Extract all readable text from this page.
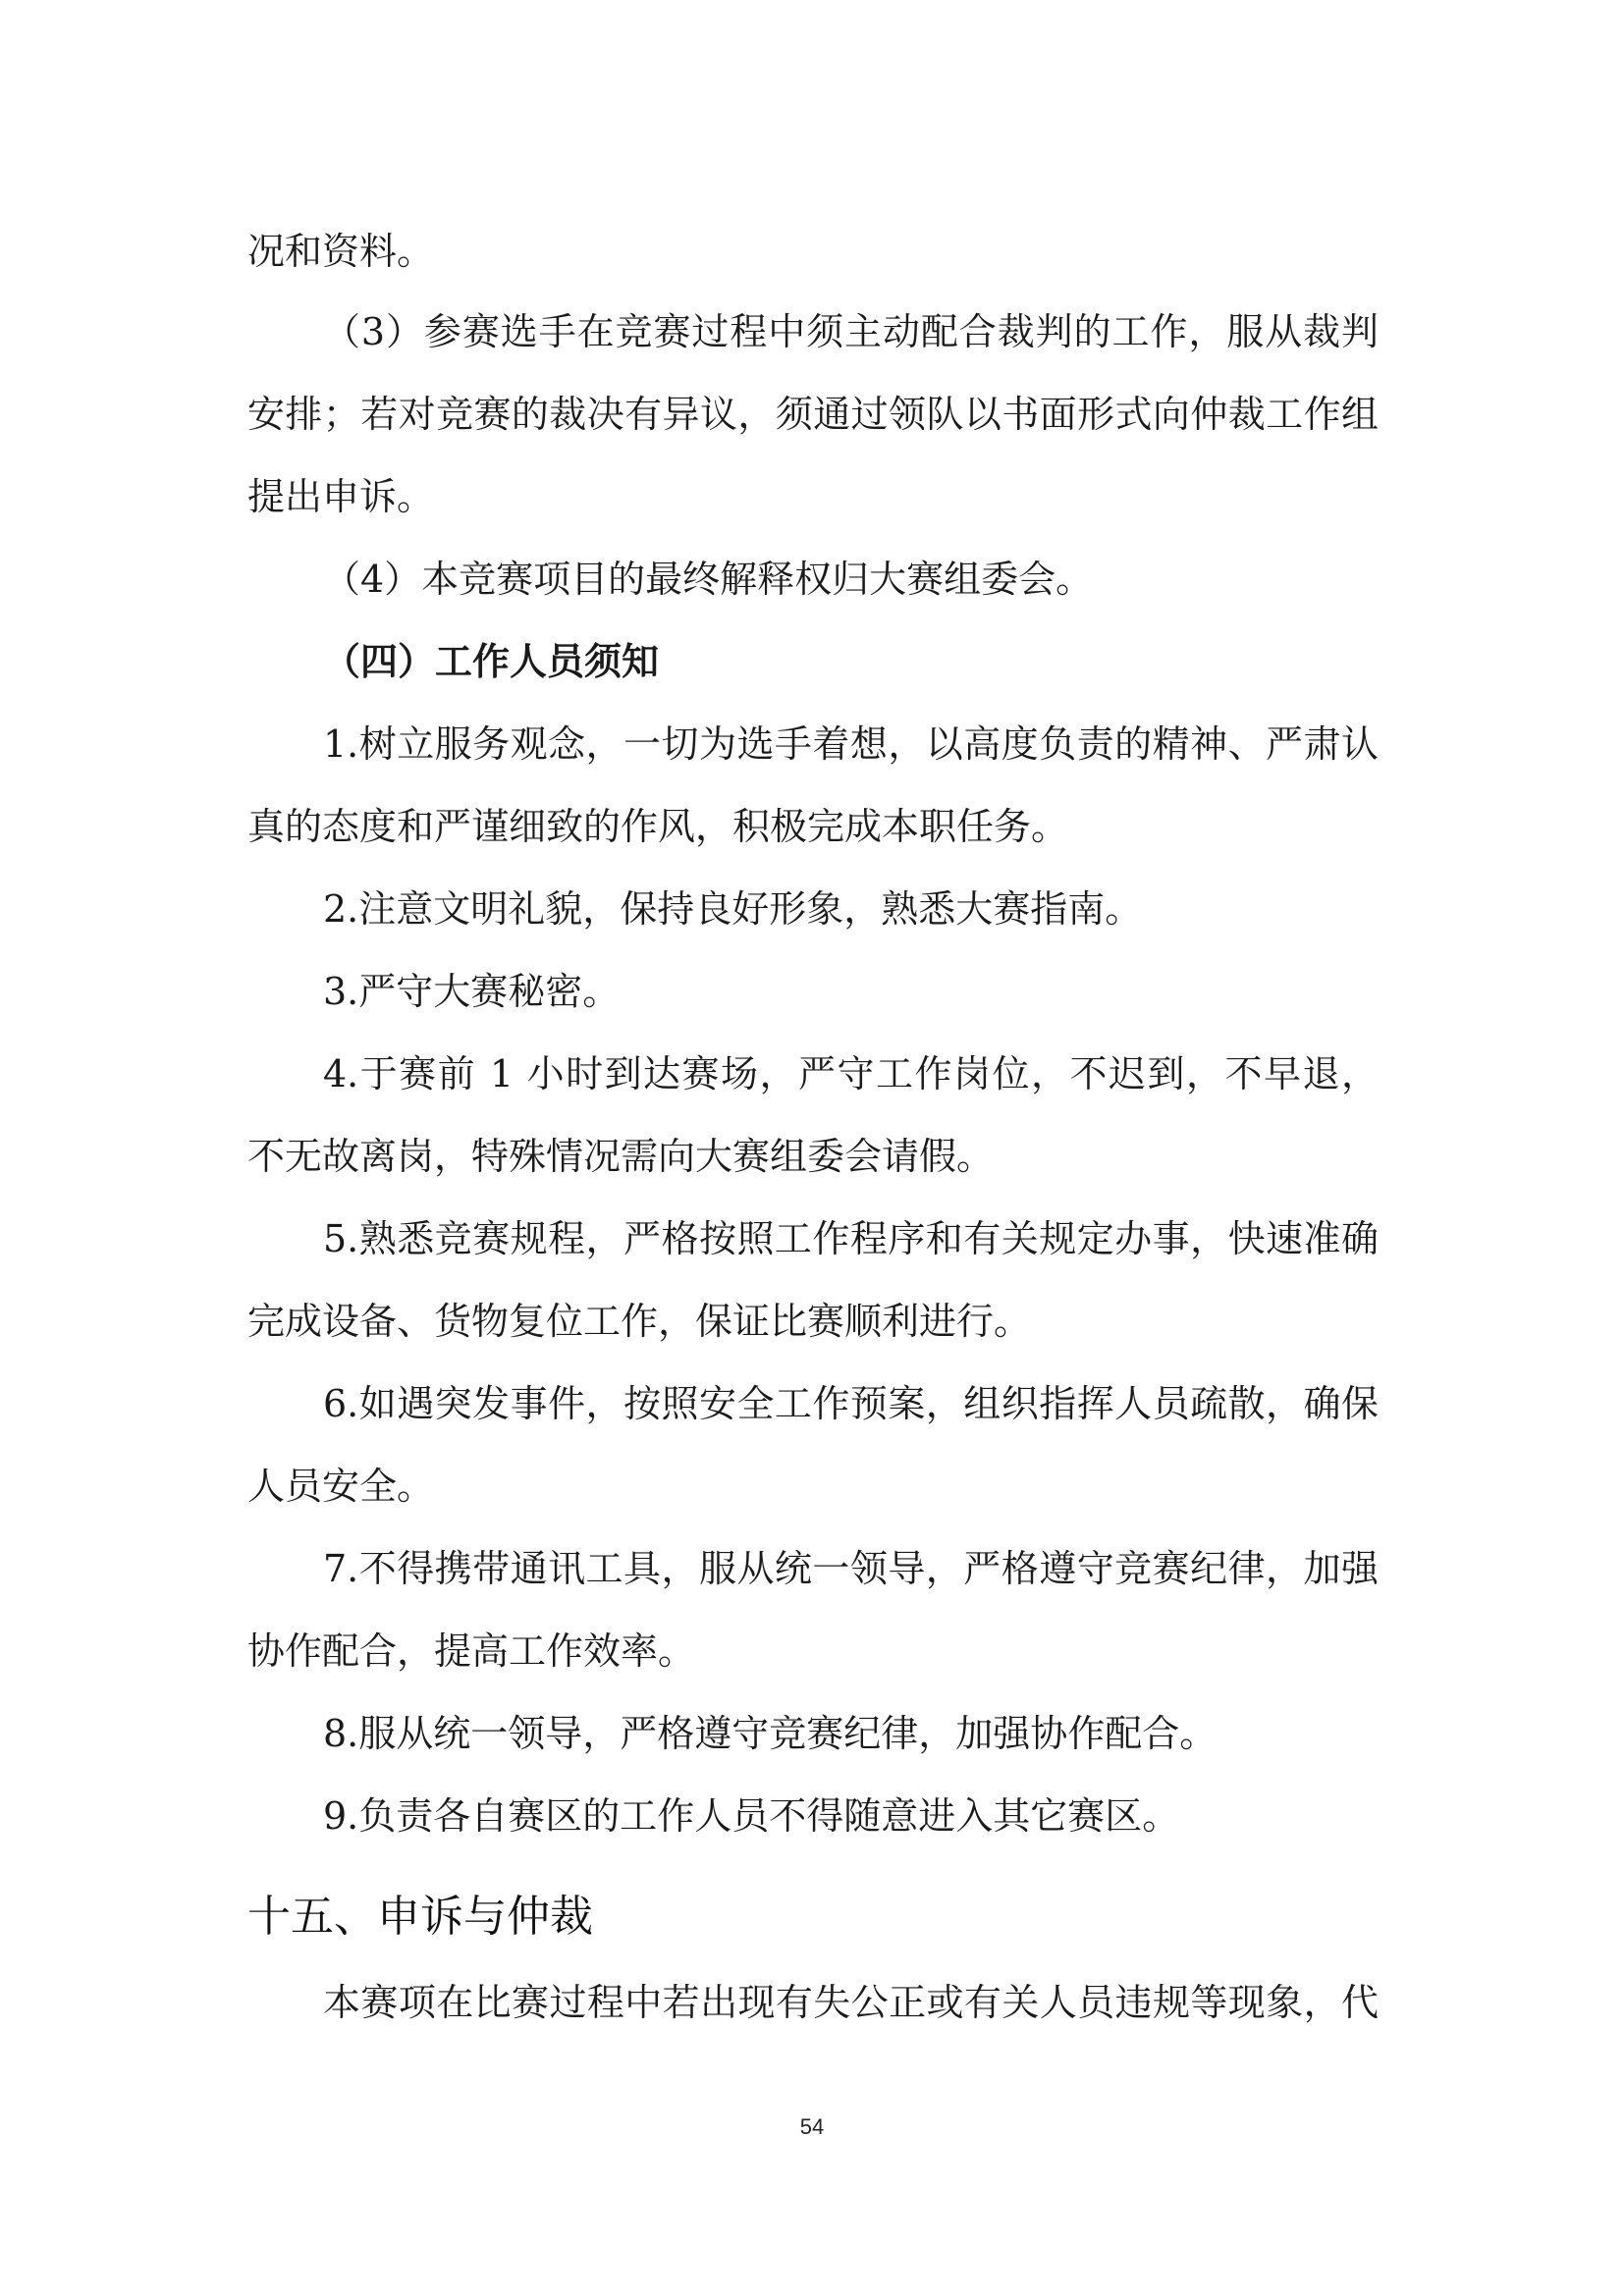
况和资料。
（3）参赛选手在竞赛过程中须主动配合裁判的工作，服从裁判
安排；若对竞赛的裁决有异议，须通过领队以书面形式向仲裁工作组
提出申诉。
（4）本竞赛项目的最终解释权归大赛组委会。
（四）工作人员须知
1.树立服务观念，一切为选手着想，以高度负责的精神、严肃认
真的态度和严谨细致的作风，积极完成本职任务。
2.注意文明礼貌，保持良好形象，熟悉大赛指南。
3.严守大赛秘密。
4.于赛前 1 小时到达赛场，严守工作岗位，不迟到，不早退，
不无故离岗，特殊情况需向大赛组委会请假。
5.熟悉竞赛规程，严格按照工作程序和有关规定办事，快速准确
完成设备、货物复位工作，保证比赛顺利进行。
6.如遇突发事件，按照安全工作预案，组织指挥人员疏散，确保
人员安全。
7.不得携带通讯工具，服从统一领导，严格遵守竞赛纪律，加强
协作配合，提高工作效率。
8.服从统一领导，严格遵守竞赛纪律，加强协作配合。
9.负责各自赛区的工作人员不得随意进入其它赛区。
十五、申诉与仲裁
本赛项在比赛过程中若出现有失公正或有关人员违规等现象，代
54
